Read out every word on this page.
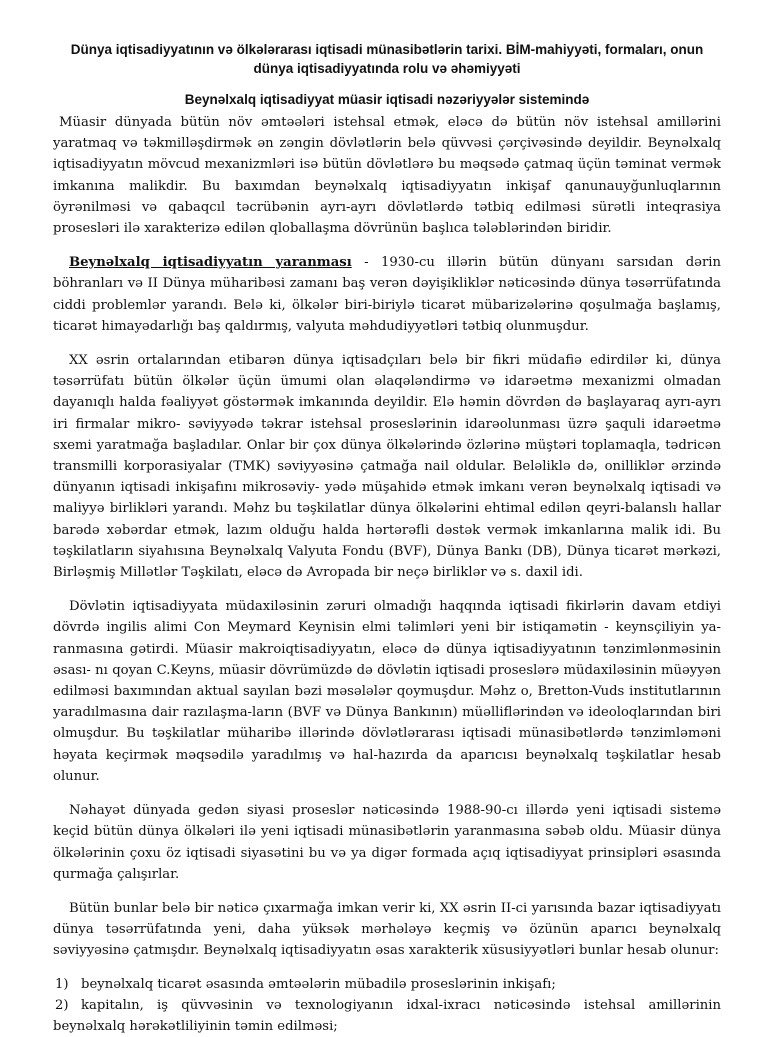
Dünya iqtisadiyyatının və ölkələrarası iqtisadi münasibətlərin tarixi. BİM-mahiyyəti, formaları, onun dünya iqtisadiyyatında rolu və əhəmiyyəti
Beynəlxalq iqtisadiyyat müasir iqtisadi nəzəriyyələr sistemində

Müasir dünyada bütün növ əmtəələri istehsal etmək, eləcə də bütün növ istehsal amillərini yaratmaq və təkmilləşdirmək ən zəngin dövlətlərin belə qüvvəsi çərçivəsində deyildir. Beynəlxalq iqtisadiyyatın mövcud mexanizmləri isə bütün dövlətlərə bu məqsədə çatmaq üçün təminat vermək imkanına malikdir. Bu baxımdan beynəlxalq iqtisadiyyatın inkişaf qanunauyğunluqlarının öyrənilməsi və qabaqcıl təcrübənin ayrı-ayrı dövlətlərdə tətbiq edilməsi sürətli inteqrasiya prosesləri ilə xarakterizə edilən qloballaşma dövrünün başlıca tələblərindən biridir.

Beynəlxalq iqtisadiyyatın yaranması - 1930-cu illərin bütün dünyanı sarsıdan dərin böhranları və II Dünya müharibəsi zamanı baş verən dəyişikliklər nəticəsində dünya təsərrüfatında ciddi problemlər yarandı. Belə ki, ölkələr biri-biriylə ticarət mübarizələrinə qoşulmağa başlamış, ticarət himayədarlığı baş qaldırmış, valyuta məhdudiyyətləri tətbiq olunmuşdur.

XX əsrin ortalarından etibarən dünya iqtisadçıları belə bir fikri müdafiə edirdilər ki, dünya təsərrüfatı bütün ölkələr üçün ümumi olan əlaqələndirmə və idarəetmə mexanizmi olmadan dayanıqlı halda fəaliyyət göstərmək imkanında deyildir. Elə həmin dövrdən də başlayaraq ayrı-ayrı iri firmalar mikro- səviyyədə təkrar istehsal proseslərinin idarəolunması üzrə şaquli idarəetmə sxemi yaratmağa başladılar. Onlar bir çox dünya ölkələrində özlərinə müştəri toplamaqla, tədricən transmilli korporasiyalar (TMK) səviyyəsinə çatmağa nail oldular. Beləliklə də, onilliklər ərzində dünyanın iqtisadi inkişafını mikrosəviy- yədə müşahidə etmək imkanı verən beynəlxalq iqtisadi və maliyyə birlikləri yarandı. Məhz bu təşkilatlar dünya ölkələrini ehtimal edilən qeyri-balanslı hallar barədə xəbərdar etmək, lazım olduğu halda hərtərəfli dəstək vermək imkanlarına malik idi. Bu təşkilatların siyahısına Beynəlxalq Valyuta Fondu (BVF), Dünya Bankı (DB), Dünya ticarət mərkəzi, Birləşmiş Millətlər Təşkilatı, eləcə də Avropada bir neçə birliklər və s. daxil idi.

Dövlətin iqtisadiyyata müdaxiləsinin zəruri olmadığı haqqında iqtisadi fikirlərin davam etdiyi dövrdə ingilis alimi Con Meymard Keynisin elmi təlimləri yeni bir istiqamətin - keynsçiliyin ya-ranmasına gətirdi. Müasir makroiqtisadiyyatın, eləcə də dünya iqtisadiyyatının tənzimlənməsinin əsası- nı qoyan C.Keyns, müasir dövrümüzdə də dövlətin iqtisadi proseslərə müdaxiləsinin müəyyən edilməsi baxımından aktual sayılan bəzi məsələlər qoymuşdur. Məhz o, Bretton-Vuds institutlarının yaradılmasına dair razılaşma-ların (BVF və Dünya Bankının) müəlliflərindən və ideoloqlarından biri olmuşdur. Bu təşkilatlar müharibə illərində dövlətlərarası iqtisadi münasibətlərdə tənzimləməni həyata keçirmək məqsədilə yaradılmış və hal-hazırda da aparıcısı beynəlxalq təşkilatlar hesab olunur.

Nəhayət dünyada gedən siyasi proseslər nəticəsində 1988-90-cı illərdə yeni iqtisadi sistemə keçid bütün dünya ölkələri ilə yeni iqtisadi münasibətlərin yaranmasına səbəb oldu. Müasir dünya ölkələrinin çoxu öz iqtisadi siyasətini bu və ya digər formada açıq iqtisadiyyat prinsipləri əsasında qurmağa çalışırlar.

Bütün bunlar belə bir nəticə çıxarmağa imkan verir ki, XX əsrin II-ci yarısında bazar iqtisadiyyatı dünya təsərrüfatında yeni, daha yüksək mərhələyə keçmiş və özünün aparıcı beynəlxalq səviyyəsinə çatmışdır. Beynəlxalq iqtisadiyyatın əsas xarakterik xüsusiyyətləri bunlar hesab olunur:

1) beynəlxalq ticarət əsasında əmtəələrin mübadilə proseslərinin inkişafı;
2) kapitalın, iş qüvvəsinin və texnologiyanın idxal-ixracı nəticəsində istehsal amillərinin beynəlxalq hərəkətliliyinin təmin edilməsi;
